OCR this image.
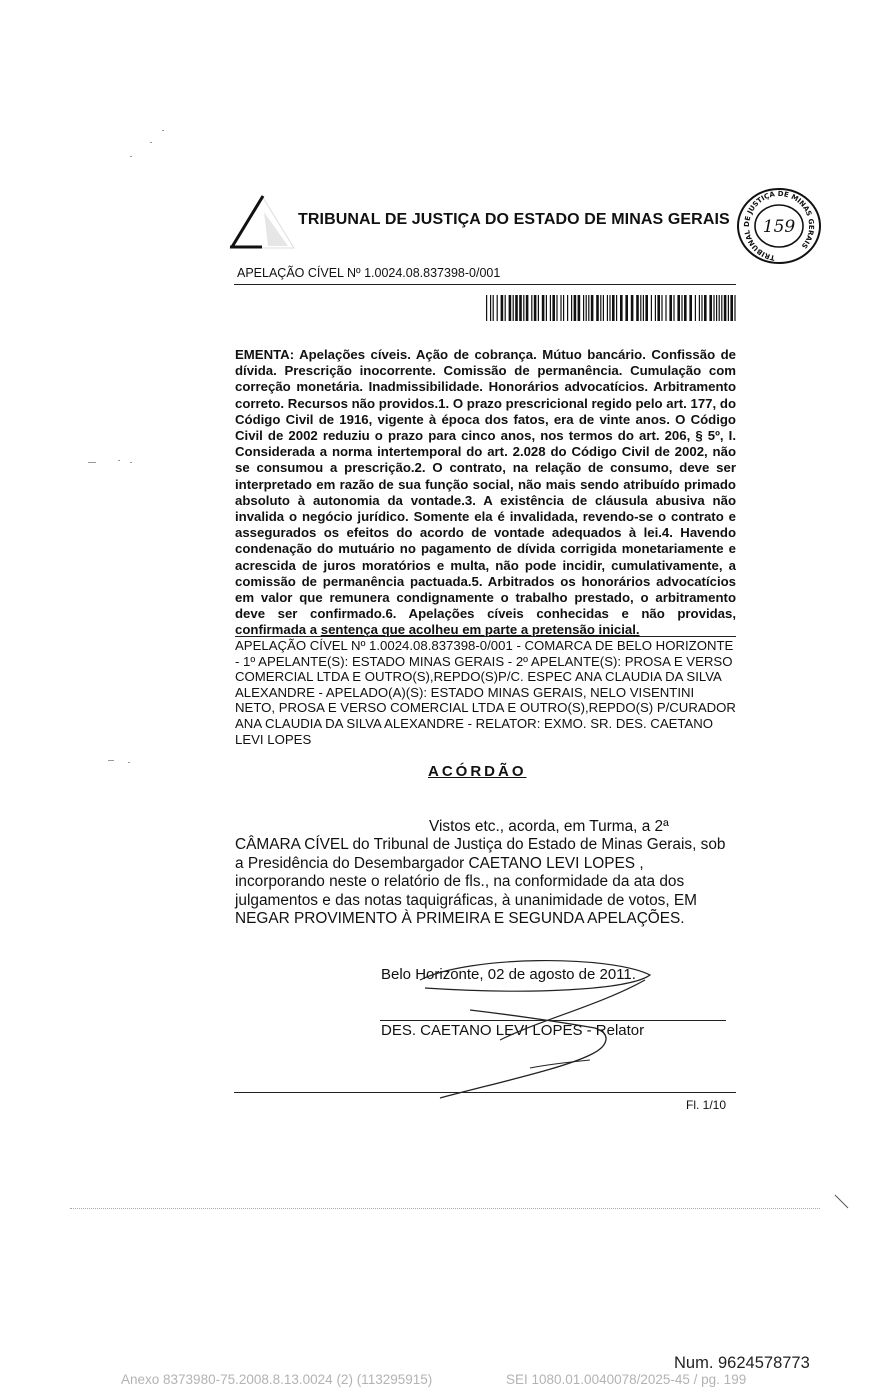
TRIBUNAL DE JUSTIÇA DO ESTADO DE MINAS GERAIS
TRIBUNAL DE JUSTIÇA DE MINAS GERAIS
159
APELAÇÃO CÍVEL Nº 1.0024.08.837398-0/001

EMENTA: Apelações cíveis. Ação de cobrança. Mútuo bancário. Confissão de dívida. Prescrição inocorrente. Comissão de permanência. Cumulação com correção monetária. Inadmissibilidade. Honorários advocatícios. Arbitramento correto. Recursos não providos.1. O prazo prescricional regido pelo art. 177, do Código Civil de 1916, vigente à época dos fatos, era de vinte anos. O Código Civil de 2002 reduziu o prazo para cinco anos, nos termos do art. 206, § 5º, I. Considerada a norma intertemporal do art. 2.028 do Código Civil de 2002, não se consumou a prescrição.2. O contrato, na relação de consumo, deve ser interpretado em razão de sua função social, não mais sendo atribuído primado absoluto à autonomia da vontade.3. A existência de cláusula abusiva não invalida o negócio jurídico. Somente ela é invalidada, revendo-se o contrato e assegurados os efeitos do acordo de vontade adequados à lei.4. Havendo condenação do mutuário no pagamento de dívida corrigida monetariamente e acrescida de juros moratórios e multa, não pode incidir, cumulativamente, a comissão de permanência pactuada.5. Arbitrados os honorários advocatícios em valor que remunera condignamente o trabalho prestado, o arbitramento deve ser confirmado.6. Apelações cíveis conhecidas e não providas, confirmada a sentença que acolheu em parte a pretensão inicial.

APELAÇÃO CÍVEL Nº 1.0024.08.837398-0/001 - COMARCA DE BELO HORIZONTE - 1º APELANTE(S): ESTADO MINAS GERAIS - 2º APELANTE(S): PROSA E VERSO COMERCIAL LTDA E OUTRO(S),REPDO(S)P/C. ESPEC ANA CLAUDIA DA SILVA ALEXANDRE - APELADO(A)(S): ESTADO MINAS GERAIS, NELO VISENTINI NETO, PROSA E VERSO COMERCIAL LTDA E OUTRO(S),REPDO(S) P/CURADOR ANA CLAUDIA DA SILVA ALEXANDRE - RELATOR: EXMO. SR. DES. CAETANO LEVI LOPES

ACÓRDÃO

Vistos etc., acorda, em Turma, a 2ª CÂMARA CÍVEL do Tribunal de Justiça do Estado de Minas Gerais, sob a Presidência do Desembargador CAETANO LEVI LOPES , incorporando neste o relatório de fls., na conformidade da ata dos julgamentos e das notas taquigráficas, à unanimidade de votos, EM NEGAR PROVIMENTO À PRIMEIRA E SEGUNDA APELAÇÕES.

Belo Horizonte, 02 de agosto de 2011.
DES. CAETANO LEVI LOPES - Relator
Fl. 1/10
Num. 9624578773
Anexo 8373980-75.2008.8.13.0024 (2) (113295915)	SEI 1080.01.0040078/2025-45 / pg. 199
